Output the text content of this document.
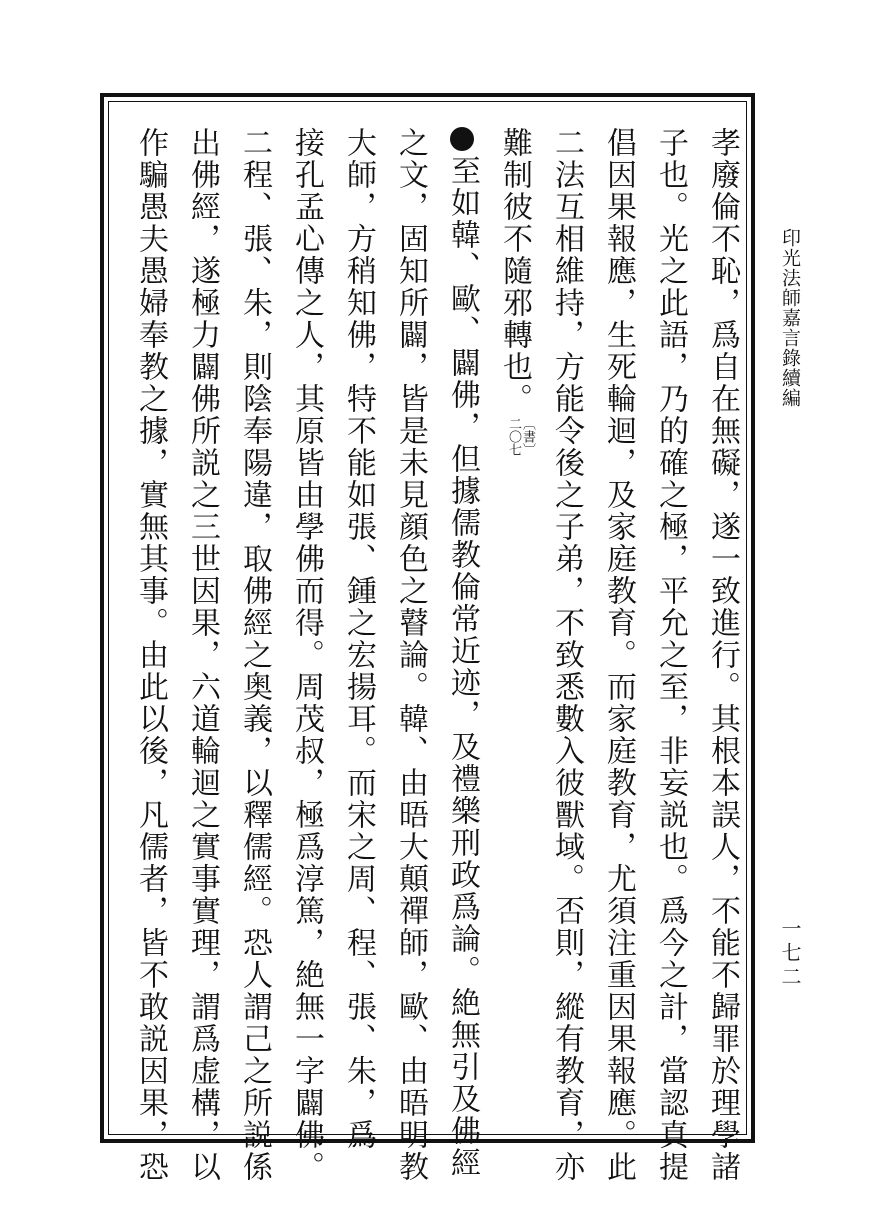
印光法師嘉言錄續編
一七二
孝廢倫不恥，爲自在無礙，遂一致進行。其根本誤人，不能不歸罪於理學諸
子也。光之此語，乃的確之極，平允之至，非妄説也。爲今之計，當認真提
倡因果報應，生死輪迴，及家庭教育。而家庭教育，尤須注重因果報應。此
二法互相維持，方能令後之子弟，不致悉數入彼獸域。否則，縱有教育，亦
難制彼不隨邪轉也。
〔書〕
二〇七
至如韓、歐、闢佛，但據儒教倫常近迹，及禮樂刑政爲論。絶無引及佛經
之文，固知所闢，皆是未見顔色之瞽論。韓、由晤大顛禪師，歐、由晤明教
大師，方稍知佛，特不能如張、鍾之宏揚耳。而宋之周、程、張、朱，爲
接孔孟心傳之人，其原皆由學佛而得。周茂叔，極爲淳篤，絶無一字闢佛。
二程、張、朱，則陰奉陽違，取佛經之奥義，以釋儒經。恐人謂己之所説係
出佛經，遂極力闢佛所説之三世因果，六道輪迴之實事實理，謂爲虚構，以
作騙愚夫愚婦奉教之據，實無其事。由此以後，凡儒者，皆不敢説因果，恐
